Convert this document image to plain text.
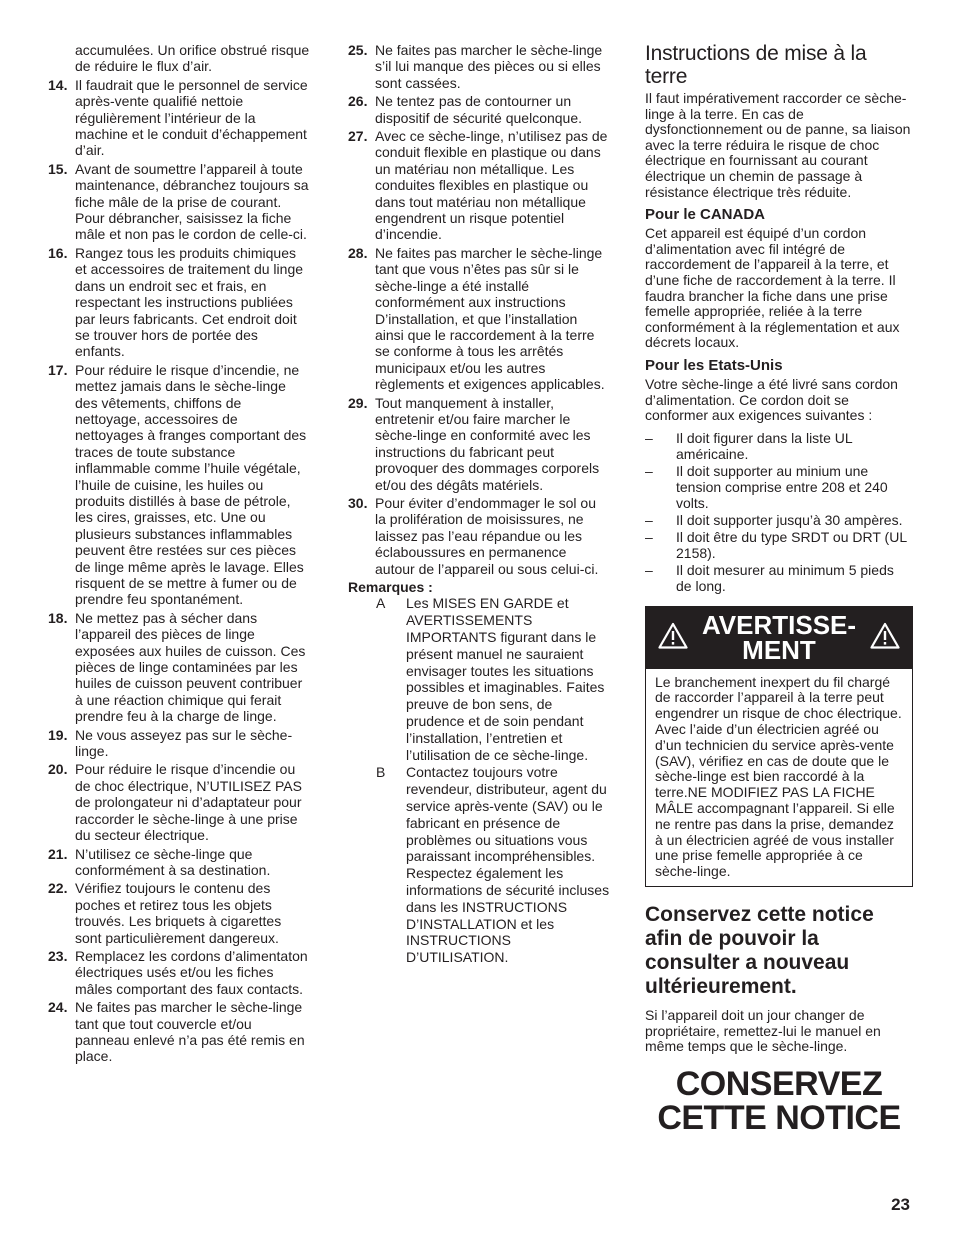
accumulées. Un orifice obstrué risque de réduire le flux d’air.
14. Il faudrait que le personnel de service après-vente qualifié nettoie régulièrement l’intérieur de la machine et le conduit d’échappement d’air.
15. Avant de soumettre l’appareil à toute maintenance, débranchez toujours sa fiche mâle de la prise de courant. Pour débrancher, saisissez la fiche mâle et non pas le cordon de celle-ci.
16. Rangez tous les produits chimiques et accessoires de traitement du linge dans un endroit sec et frais, en respectant les instructions publiées par leurs fabricants. Cet endroit doit se trouver hors de portée des enfants.
17. Pour réduire le risque d’incendie, ne mettez jamais dans le sèche-linge des vêtements, chiffons de nettoyage, accessoires de nettoyages à franges comportant des traces de toute substance inflammable comme l’huile végétale, l’huile de cuisine, les huiles ou produits distillés à base de pétrole, les cires, graisses, etc. Une ou plusieurs substances inflammables peuvent être restées sur ces pièces de linge même après le lavage. Elles risquent de se mettre à fumer ou de prendre feu spontanément.
18. Ne mettez pas à sécher dans l’appareil des pièces de linge exposées aux huiles de cuisson. Ces pièces de linge contaminées par les huiles de cuisson peuvent contribuer à une réaction chimique qui ferait prendre feu à la charge de linge.
19. Ne vous asseyez pas sur le sèche-linge.
20. Pour réduire le risque d’incendie ou de choc électrique, N’UTILISEZ PAS de prolongateur ni d’adaptateur pour raccorder le sèche-linge à une prise du secteur électrique.
21. N’utilisez ce sèche-linge que conformément à sa destination.
22. Vérifiez toujours le contenu des poches et retirez tous les objets trouvés. Les briquets à cigarettes sont particulièrement dangereux.
23. Remplacez les cordons d’alimentaton électriques usés et/ou les fiches mâles comportant des faux contacts.
24. Ne faites pas marcher le sèche-linge tant que tout couvercle et/ou panneau enlevé n’a pas été remis en place.
25. Ne faites pas marcher le sèche-linge s’il lui manque des pièces ou si elles sont cassées.
26. Ne tentez pas de contourner un dispositif de sécurité quelconque.
27. Avec ce sèche-linge, n’utilisez pas de conduit flexible en plastique ou dans un matériau non métallique. Les conduites flexibles en plastique ou dans tout matériau non métallique engendrent un risque potentiel d’incendie.
28. Ne faites pas marcher le sèche-linge tant que vous n’êtes pas sûr si le sèche-linge a été installé conformément aux instructions D’installation, et que l’installation ainsi que le raccordement à la terre se conforme à tous les arrêtés municipaux et/ou les autres règlements et exigences applicables.
29. Tout manquement à installer, entretenir et/ou faire marcher le sèche-linge en conformité avec les instructions du fabricant peut provoquer des dommages corporels et/ou des dégâts matériels.
30. Pour éviter d’endommager le sol ou la prolifération de moisissures, ne laissez pas l’eau répandue ou les éclaboussures en permanence autour de l’appareil ou sous celui-ci.
Remarques :
A Les MISES EN GARDE et AVERTISSEMENTS IMPORTANTS figurant dans le présent manuel ne sauraient envisager toutes les situations possibles et imaginables. Faites preuve de bon sens, de prudence et de soin pendant l’installation, l’entretien et l’utilisation de ce sèche-linge.
B Contactez toujours votre revendeur, distributeur, agent du service après-vente (SAV) ou le fabricant en présence de problèmes ou situations vous paraissant incompréhensibles. Respectez également les informations de sécurité incluses dans les INSTRUCTIONS D’INSTALLATION et les INSTRUCTIONS D’UTILISATION.
Instructions de mise à la terre

Il faut impérativement raccorder ce sèche-linge à la terre. En cas de dysfonctionnement ou de panne, sa liaison avec la terre réduira le risque de choc électrique en fournissant au courant électrique un chemin de passage à résistance électrique très réduite.

Pour le CANADA

Cet appareil est équipé d’un cordon d’alimentation avec fil intégré de raccordement de l’appareil à la terre, et d’une fiche de raccordement à la terre. Il faudra brancher la fiche dans une prise femelle appropriée, reliée à la terre conformément à la réglementation et aux décrets locaux.

Pour les Etats-Unis

Votre sèche-linge a été livré sans cordon d’alimentation. Ce cordon doit se conformer aux exigences suivantes :

– Il doit figurer dans la liste UL américaine.
– Il doit supporter au minium une tension comprise entre 208 et 240 volts.
– Il doit supporter jusqu’à 30 ampères.
– Il doit être du type SRDT ou DRT (UL 2158).
– Il doit mesurer au minimum 5 pieds de long.
AVERTISSE-
MENT
Le branchement inexpert du fil chargé de raccorder l’appareil à la terre peut engendrer un risque de choc électrique. Avec l’aide d’un électricien agréé ou d’un technicien du service après-vente (SAV), vérifiez en cas de doute que le sèche-linge est bien raccordé à la terre.NE MODIFIEZ PAS LA FICHE MÂLE accompagnant l’appareil. Si elle ne rentre pas dans la prise, demandez à un électricien agréé de vous installer une prise femelle appropriée à ce sèche-linge.
Conservez cette notice afin de pouvoir la consulter a nouveau ultérieurement.

Si l’appareil doit un jour changer de propriétaire, remettez-lui le manuel en même temps que le sèche-linge.

CONSERVEZ
CETTE NOTICE
23
